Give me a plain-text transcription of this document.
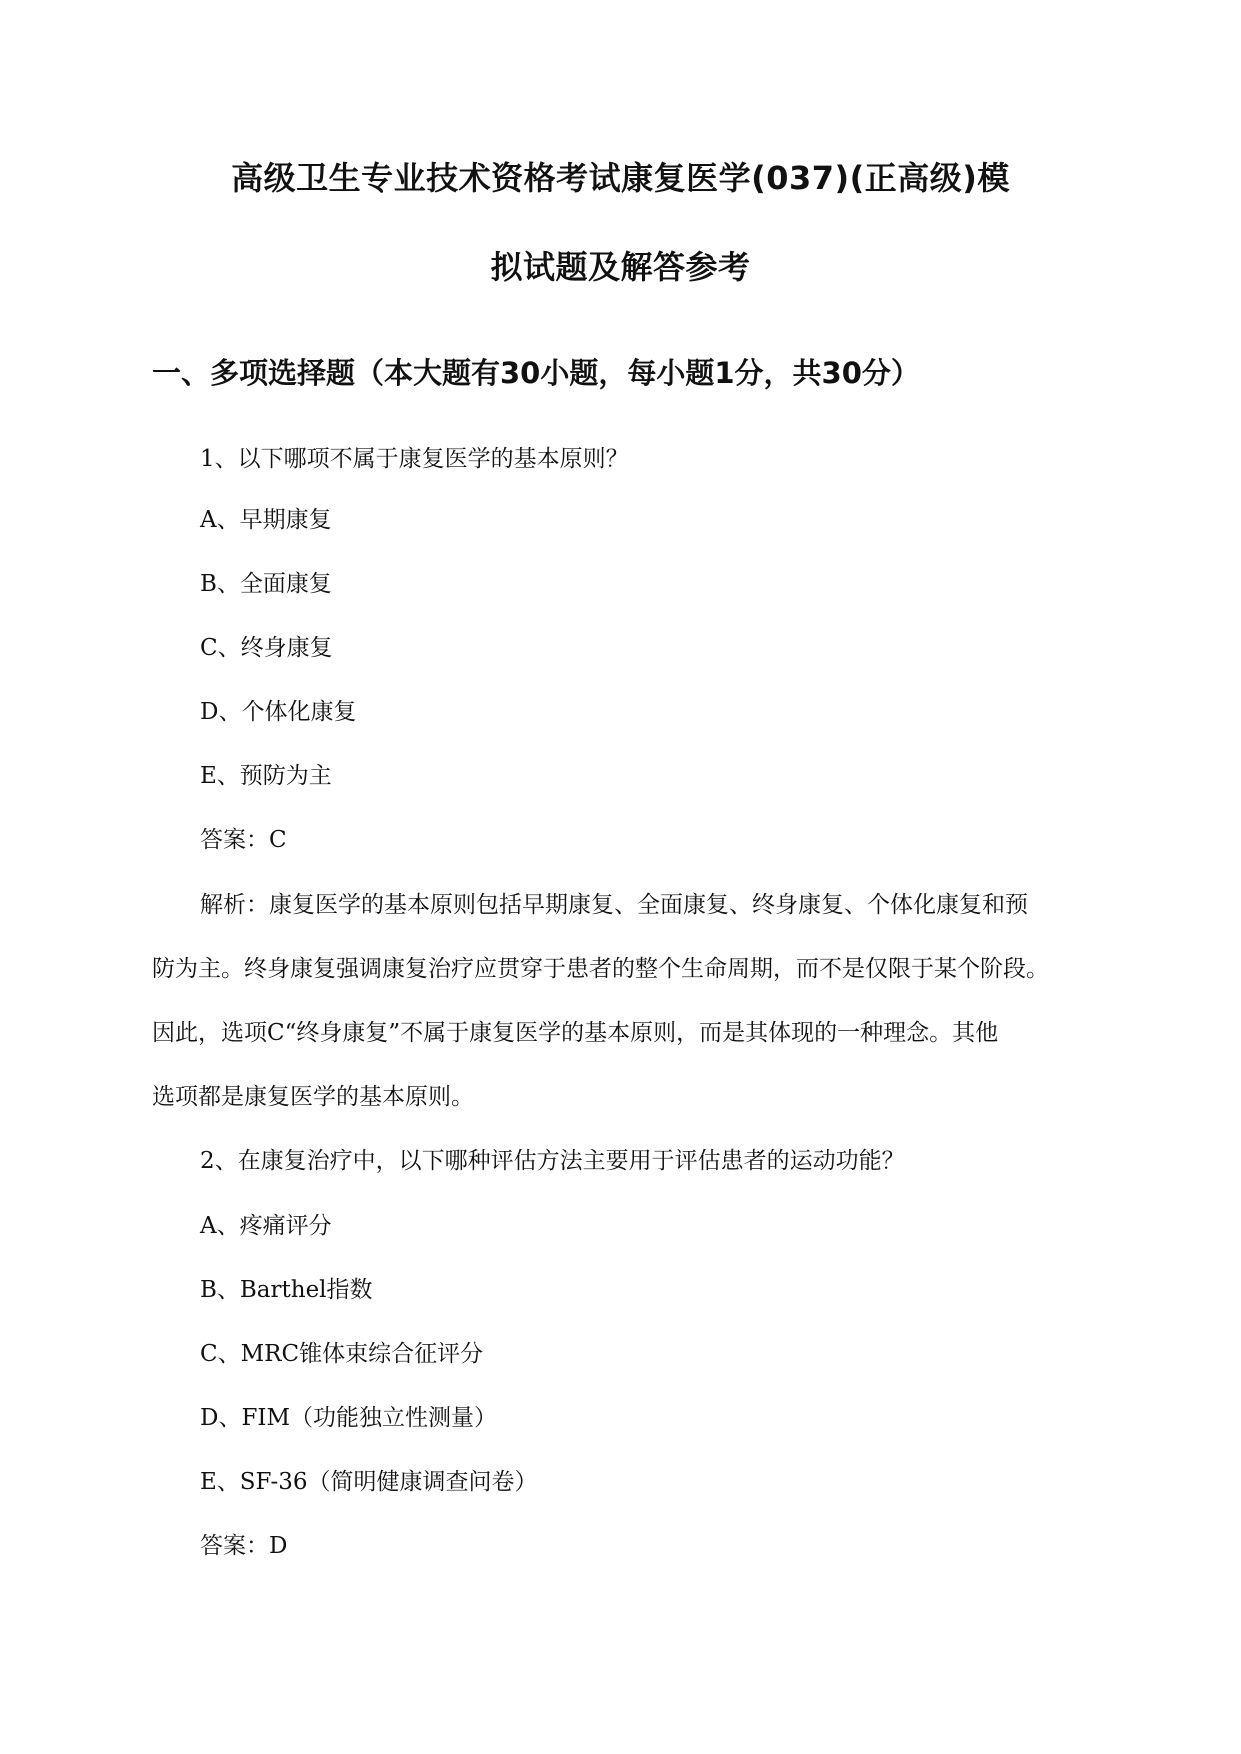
高级卫生专业技术资格考试康复医学(037)(正高级)模
拟试题及解答参考
一、多项选择题（本大题有30小题，每小题1分，共30分）
1、以下哪项不属于康复医学的基本原则？
A、早期康复
B、全面康复
C、终身康复
D、个体化康复
E、预防为主
答案：C
解析：康复医学的基本原则包括早期康复、全面康复、终身康复、个体化康复和预
防为主。终身康复强调康复治疗应贯穿于患者的整个生命周期，而不是仅限于某个阶段。
因此，选项C“终身康复”不属于康复医学的基本原则，而是其体现的一种理念。其他
选项都是康复医学的基本原则。
2、在康复治疗中，以下哪种评估方法主要用于评估患者的运动功能？
A、疼痛评分
B、Barthel指数
C、MRC锥体束综合征评分
D、FIM（功能独立性测量）
E、SF-36（简明健康调查问卷）
答案：D
